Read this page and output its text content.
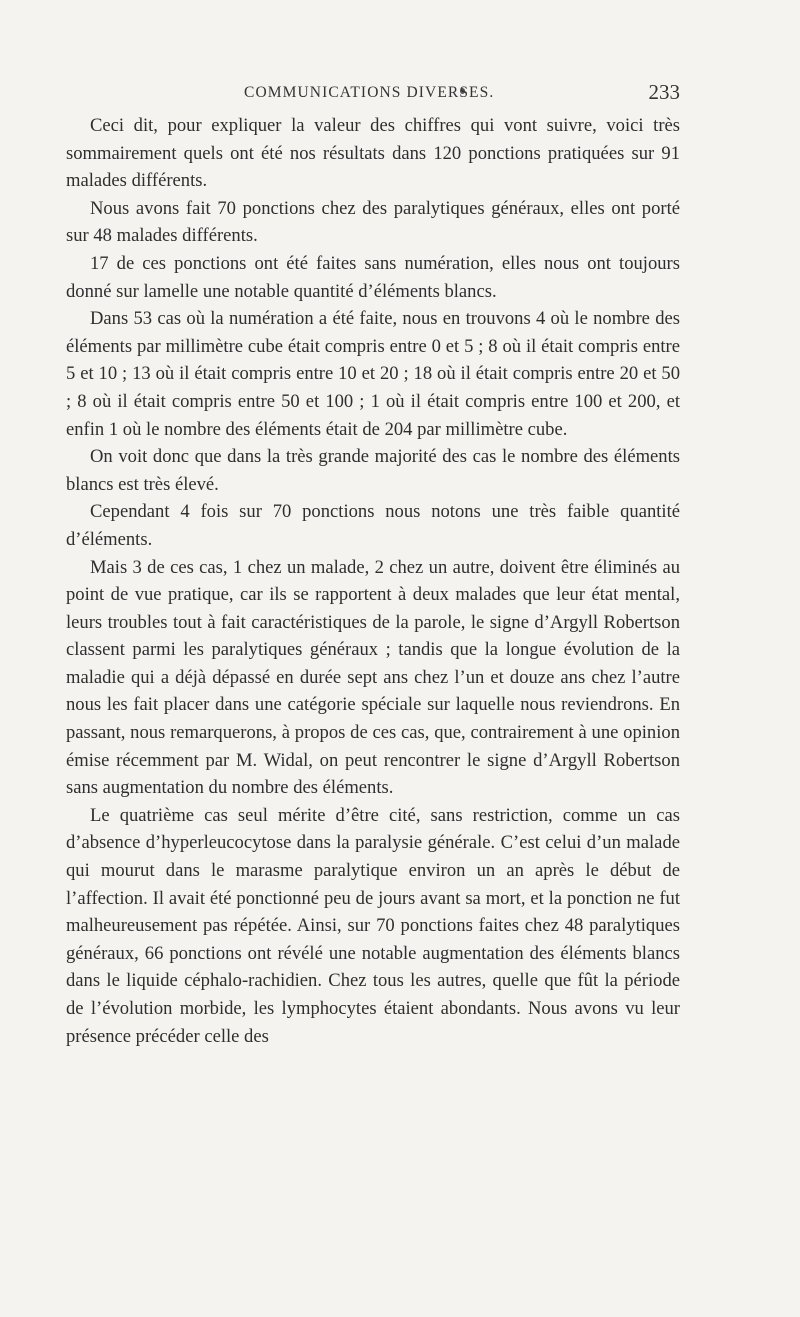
COMMUNICATIONS DIVERSES.	233

Ceci dit, pour expliquer la valeur des chiffres qui vont suivre, voici très sommairement quels ont été nos résultats dans 120 ponctions pratiquées sur 91 malades différents.

Nous avons fait 70 ponctions chez des paralytiques généraux, elles ont porté sur 48 malades différents.

17 de ces ponctions ont été faites sans numération, elles nous ont toujours donné sur lamelle une notable quantité d’éléments blancs.

Dans 53 cas où la numération a été faite, nous en trouvons 4 où le nombre des éléments par millimètre cube était compris entre 0 et 5 ; 8 où il était compris entre 5 et 10 ; 13 où il était compris entre 10 et 20 ; 18 où il était compris entre 20 et 50 ; 8 où il était compris entre 50 et 100 ; 1 où il était compris entre 100 et 200, et enfin 1 où le nombre des éléments était de 204 par millimètre cube.

On voit donc que dans la très grande majorité des cas le nombre des éléments blancs est très élevé.

Cependant 4 fois sur 70 ponctions nous notons une très faible quantité d’éléments.

Mais 3 de ces cas, 1 chez un malade, 2 chez un autre, doivent être éliminés au point de vue pratique, car ils se rapportent à deux malades que leur état mental, leurs troubles tout à fait caractéristiques de la parole, le signe d’Argyll Robertson classent parmi les paralytiques généraux ; tandis que la longue évolution de la maladie qui a déjà dépassé en durée sept ans chez l’un et douze ans chez l’autre nous les fait placer dans une catégorie spéciale sur laquelle nous reviendrons. En passant, nous remarquerons, à propos de ces cas, que, contrairement à une opinion émise récemment par M. Widal, on peut rencontrer le signe d’Argyll Robertson sans augmentation du nombre des éléments.

Le quatrième cas seul mérite d’être cité, sans restriction, comme un cas d’absence d’hyperleucocytose dans la paralysie générale. C’est celui d’un malade qui mourut dans le marasme paralytique environ un an après le début de l’affection. Il avait été ponctionné peu de jours avant sa mort, et la ponction ne fut malheureusement pas répétée. Ainsi, sur 70 ponctions faites chez 48 paralytiques généraux, 66 ponctions ont révélé une notable augmentation des éléments blancs dans le liquide céphalo-rachidien. Chez tous les autres, quelle que fût la période de l’évolution morbide, les lymphocytes étaient abondants. Nous avons vu leur présence précéder celle des
